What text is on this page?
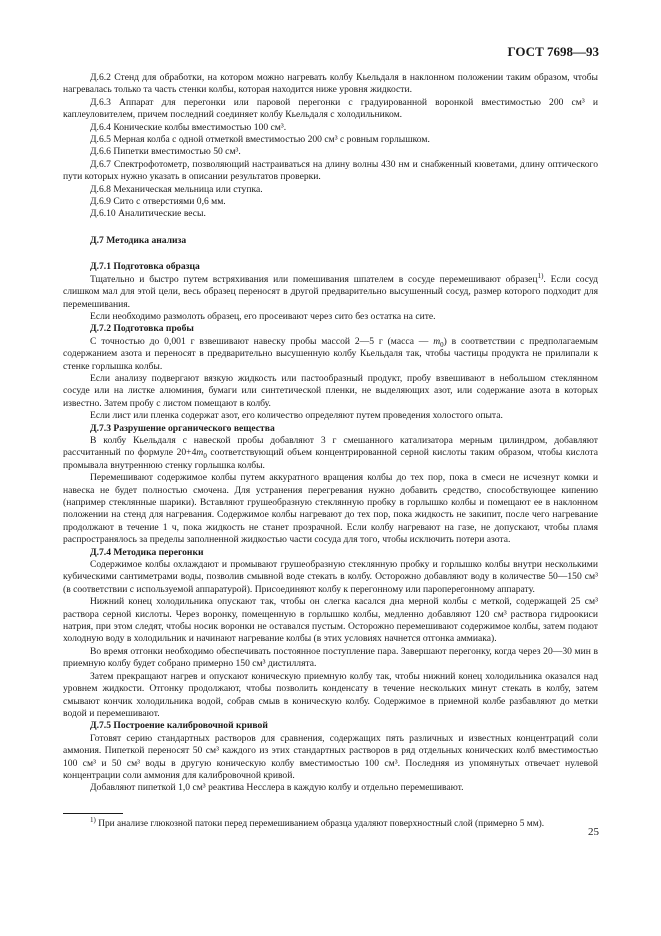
ГОСТ 7698—93

Д.6.2 Стенд для обработки, на котором можно нагревать колбу Кьельдаля в наклонном положении таким образом, чтобы нагревалась только та часть стенки колбы, которая находится ниже уровня жидкости.

Д.6.3 Аппарат для перегонки или паровой перегонки с градуированной воронкой вместимостью 200 см³ и каплеуловителем, причем последний соединяет колбу Кьельдаля с холодильником.

Д.6.4 Конические колбы вместимостью 100 см³.

Д.6.5 Мерная колба с одной отметкой вместимостью 200 см³ с ровным горлышком.

Д.6.6 Пипетки вместимостью 50 см³.

Д.6.7 Спектрофотометр, позволяющий настраиваться на длину волны 430 нм и снабженный кюветами, длину оптического пути которых нужно указать в описании результатов проверки.

Д.6.8 Механическая мельница или ступка.

Д.6.9 Сито с отверстиями 0,6 мм.

Д.6.10 Аналитические весы.

Д.7 Методика анализа

Д.7.1 Подготовка образца

Тщательно и быстро путем встряхивания или помешивания шпателем в сосуде перемешивают образец$^{1)}$. Если сосуд слишком мал для этой цели, весь образец переносят в другой предварительно высушенный сосуд, размер которого подходит для перемешивания.

Если необходимо размолоть образец, его просеивают через сито без остатка на сите.

Д.7.2 Подготовка пробы

С точностью до 0,001 г взвешивают навеску пробы массой 2—5 г (масса — $m_0$) в соответствии с предполагаемым содержанием азота и переносят в предварительно высушенную колбу Кьельдаля так, чтобы частицы продукта не прилипали к стенке горлышка колбы.

Если анализу подвергают вязкую жидкость или пастообразный продукт, пробу взвешивают в небольшом стеклянном сосуде или на листке алюминия, бумаги или синтетической пленки, не выделяющих азот, или содержание азота в которых известно. Затем пробу с листом помещают в колбу.

Если лист или пленка содержат азот, его количество определяют путем проведения холостого опыта.

Д.7.3 Разрушение органического вещества

В колбу Кьельдаля с навеской пробы добавляют 3 г смешанного катализатора мерным цилиндром, добавляют рассчитанный по формуле $20+4m_0$ соответствующий объем концентрированной серной кислоты таким образом, чтобы кислота промывала внутреннюю стенку горлышка колбы.

Перемешивают содержимое колбы путем аккуратного вращения колбы до тех пор, пока в смеси не исчезнут комки и навеска не будет полностью смочена. Для устранения перегревания нужно добавить средство, способствующее кипению (например стеклянные шарики). Вставляют грушеобразную стеклянную пробку в горлышко колбы и помещают ее в наклонном положении на стенд для нагревания. Содержимое колбы нагревают до тех пор, пока жидкость не закипит, после чего нагревание продолжают в течение 1 ч, пока жидкость не станет прозрачной. Если колбу нагревают на газе, не допускают, чтобы пламя распространялось за пределы заполненной жидкостью части сосуда для того, чтобы исключить потери азота.

Д.7.4 Методика перегонки

Содержимое колбы охлаждают и промывают грушеобразную стеклянную пробку и горлышко колбы внутри несколькими кубическими сантиметрами воды, позволив смывной воде стекать в колбу. Осторожно добавляют воду в количестве 50—150 см³ (в соответствии с используемой аппаратурой). Присоединяют колбу к перегонному или пароперегонному аппарату.

Нижний конец холодильника опускают так, чтобы он слегка касался дна мерной колбы с меткой, содержащей 25 см³ раствора серной кислоты. Через воронку, помещенную в горлышко колбы, медленно добавляют 120 см³ раствора гидроокиси натрия, при этом следят, чтобы носик воронки не оставался пустым. Осторожно перемешивают содержимое колбы, затем подают холодную воду в холодильник и начинают нагревание колбы (в этих условиях начнется отгонка аммиака).

Во время отгонки необходимо обеспечивать постоянное поступление пара. Завершают перегонку, когда через 20—30 мин в приемную колбу будет собрано примерно 150 см³ дистиллята.

Затем прекращают нагрев и опускают коническую приемную колбу так, чтобы нижний конец холодильника оказался над уровнем жидкости. Отгонку продолжают, чтобы позволить конденсату в течение нескольких минут стекать в колбу, затем смывают кончик холодильника водой, собрав смыв в коническую колбу. Содержимое в приемной колбе разбавляют до метки водой и перемешивают.

Д.7.5 Построение калибровочной кривой

Готовят серию стандартных растворов для сравнения, содержащих пять различных и известных концентраций соли аммония. Пипеткой переносят 50 см³ каждого из этих стандартных растворов в ряд отдельных конических колб вместимостью 100 см³ и 50 см³ воды в другую коническую колбу вместимостью 100 см³. Последняя из упомянутых отвечает нулевой концентрации соли аммония для калибровочной кривой.

Добавляют пипеткой 1,0 см³ реактива Несслера в каждую колбу и отдельно перемешивают.

$^{1)}$ При анализе глюкозной патоки перед перемешиванием образца удаляют поверхностный слой (примерно 5 мм).

25
